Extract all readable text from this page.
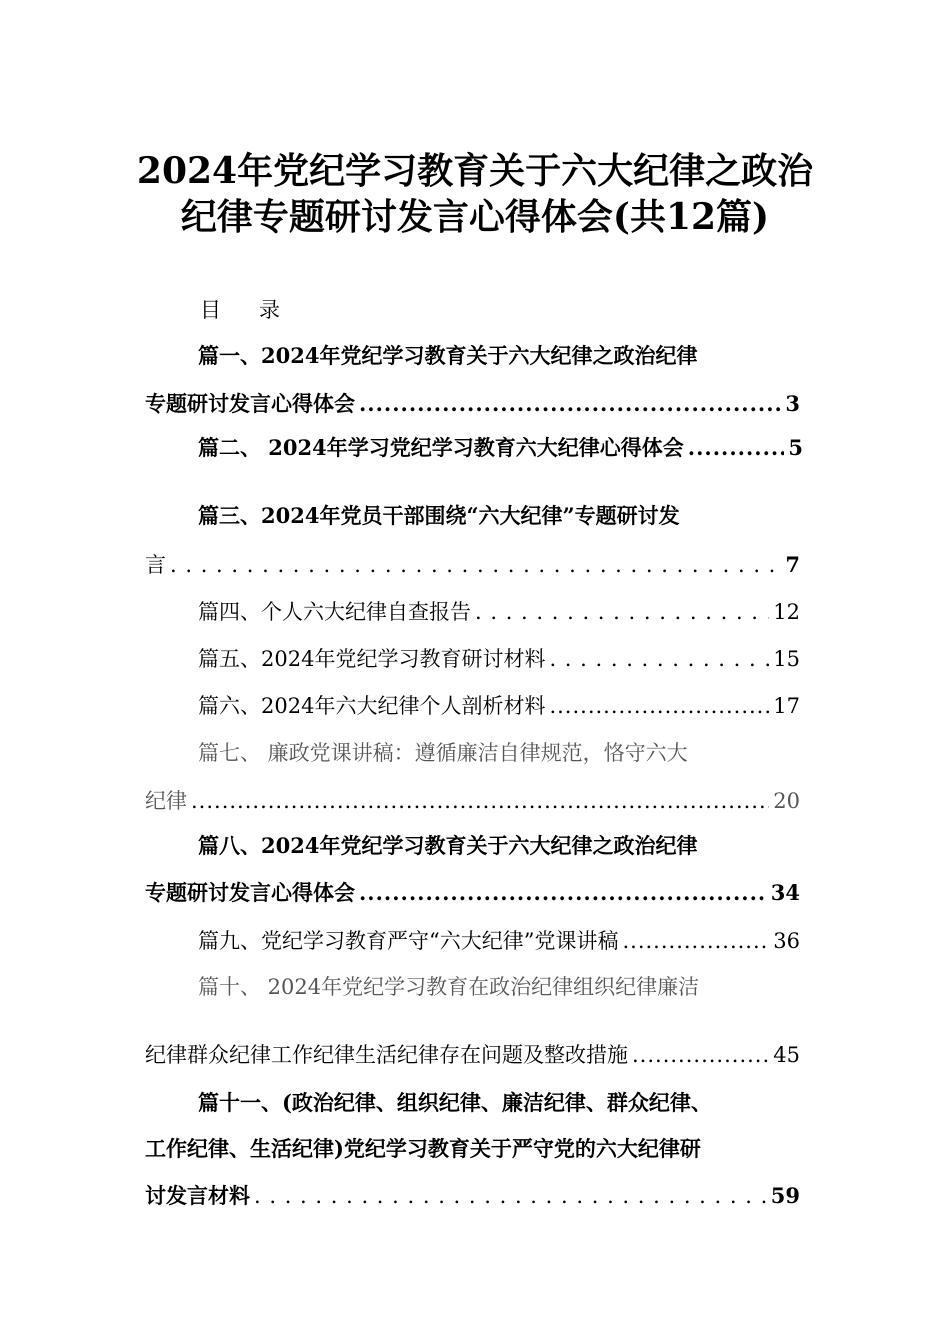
2024年党纪学习教育关于六大纪律之政治
纪律专题研讨发言心得体会(共12篇)
目录
篇一、2024年党纪学习教育关于六大纪律之政治纪律
专题研讨发言心得体会 .....	3
篇二、 2024年学习党纪学习教育六大纪律心得体会 .....	5
篇三、2024年党员干部围绕“六大纪律”专题研讨发
言 . . .	7
篇四、个人六大纪律自查报告 . . .	12
篇五、2024年党纪学习教育研讨材料 . . .	15
篇六、2024年六大纪律个人剖析材料 .....	17
篇七、 廉政党课讲稿：遵循廉洁自律规范，恪守六大
纪律 .....	20
篇八、2024年党纪学习教育关于六大纪律之政治纪律
专题研讨发言心得体会 .....	34
篇九、党纪学习教育严守“六大纪律”党课讲稿 .....	36
篇十、 2024年党纪学习教育在政治纪律组织纪律廉洁
纪律群众纪律工作纪律生活纪律存在问题及整改措施 .....	45
篇十一、(政治纪律、组织纪律、廉洁纪律、群众纪律、
工作纪律、生活纪律)党纪学习教育关于严守党的六大纪律研
讨发言材料 . . .	59
